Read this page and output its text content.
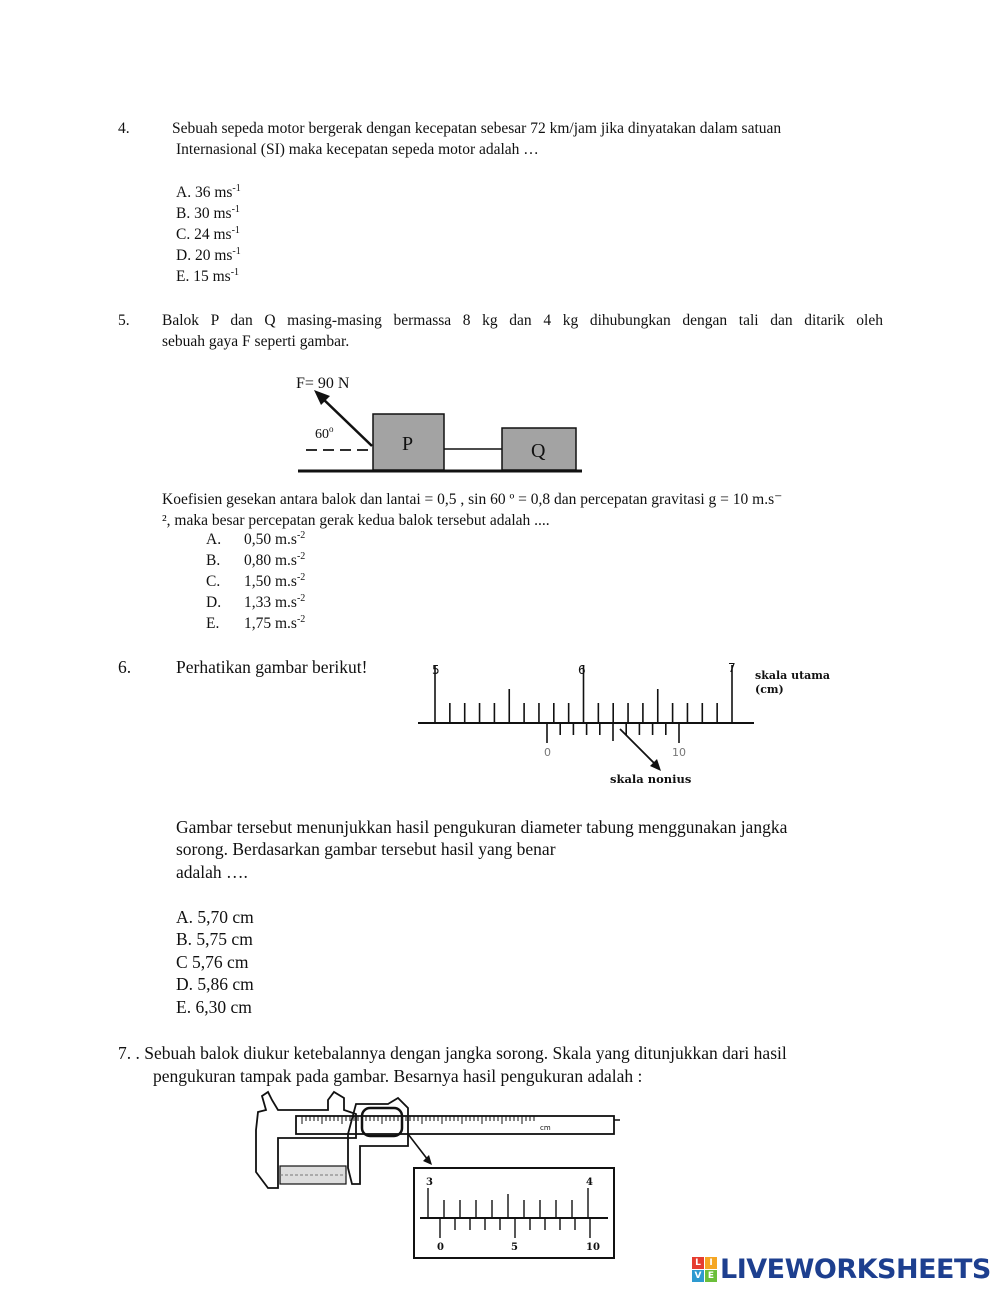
4.	Sebuah sepeda motor bergerak dengan kecepatan sebesar 72 km/jam jika dinyatakan dalam satuan
Internasional (SI) maka kecepatan sepeda motor adalah …
A. 36 $ms^{-1}$
B. 30 $ms^{-1}$
C. 24 $ms^{-1}$
D. 20 $ms^{-1}$
E. 15 $ms^{-1}$
5. Balok P dan Q masing-masing bermassa 8 kg dan 4 kg dihubungkan dengan tali dan ditarik oleh
sebuah gaya F seperti gambar.
F= 90 N
60$^o$
P	Q
Koefisien gesekan antara balok dan lantai = 0,5 , sin 60 º = 0,8 dan percepatan gravitasi g = 10 m.s⁻
², maka besar percepatan gerak kedua balok tersebut adalah ....
A. 0,50 $m.s^{-2}$
B. 0,80 $m.s^{-2}$
C. 1,50 $m.s^{-2}$
D. 1,33 $m.s^{-2}$
E. 1,75 $m.s^{-2}$
6.	Perhatikan gambar berikut!	5	6	7
0	10
skala utama
(cm)
skala nonius
Gambar tersebut menunjukkan hasil pengukuran diameter tabung menggunakan jangka
sorong. Berdasarkan gambar tersebut hasil yang benar
adalah ….
A. 5,70 cm
B. 5,75 cm
C 5,76 cm
D. 5,86 cm
E. 6,30 cm
7. . Sebuah balok diukur ketebalannya dengan jangka sorong. Skala yang ditunjukkan dari hasil
pengukuran tampak pada gambar. Besarnya hasil pengukuran adalah :
cm
3	4
0	5	10
L I
V E LIVEWORKSHEETS
